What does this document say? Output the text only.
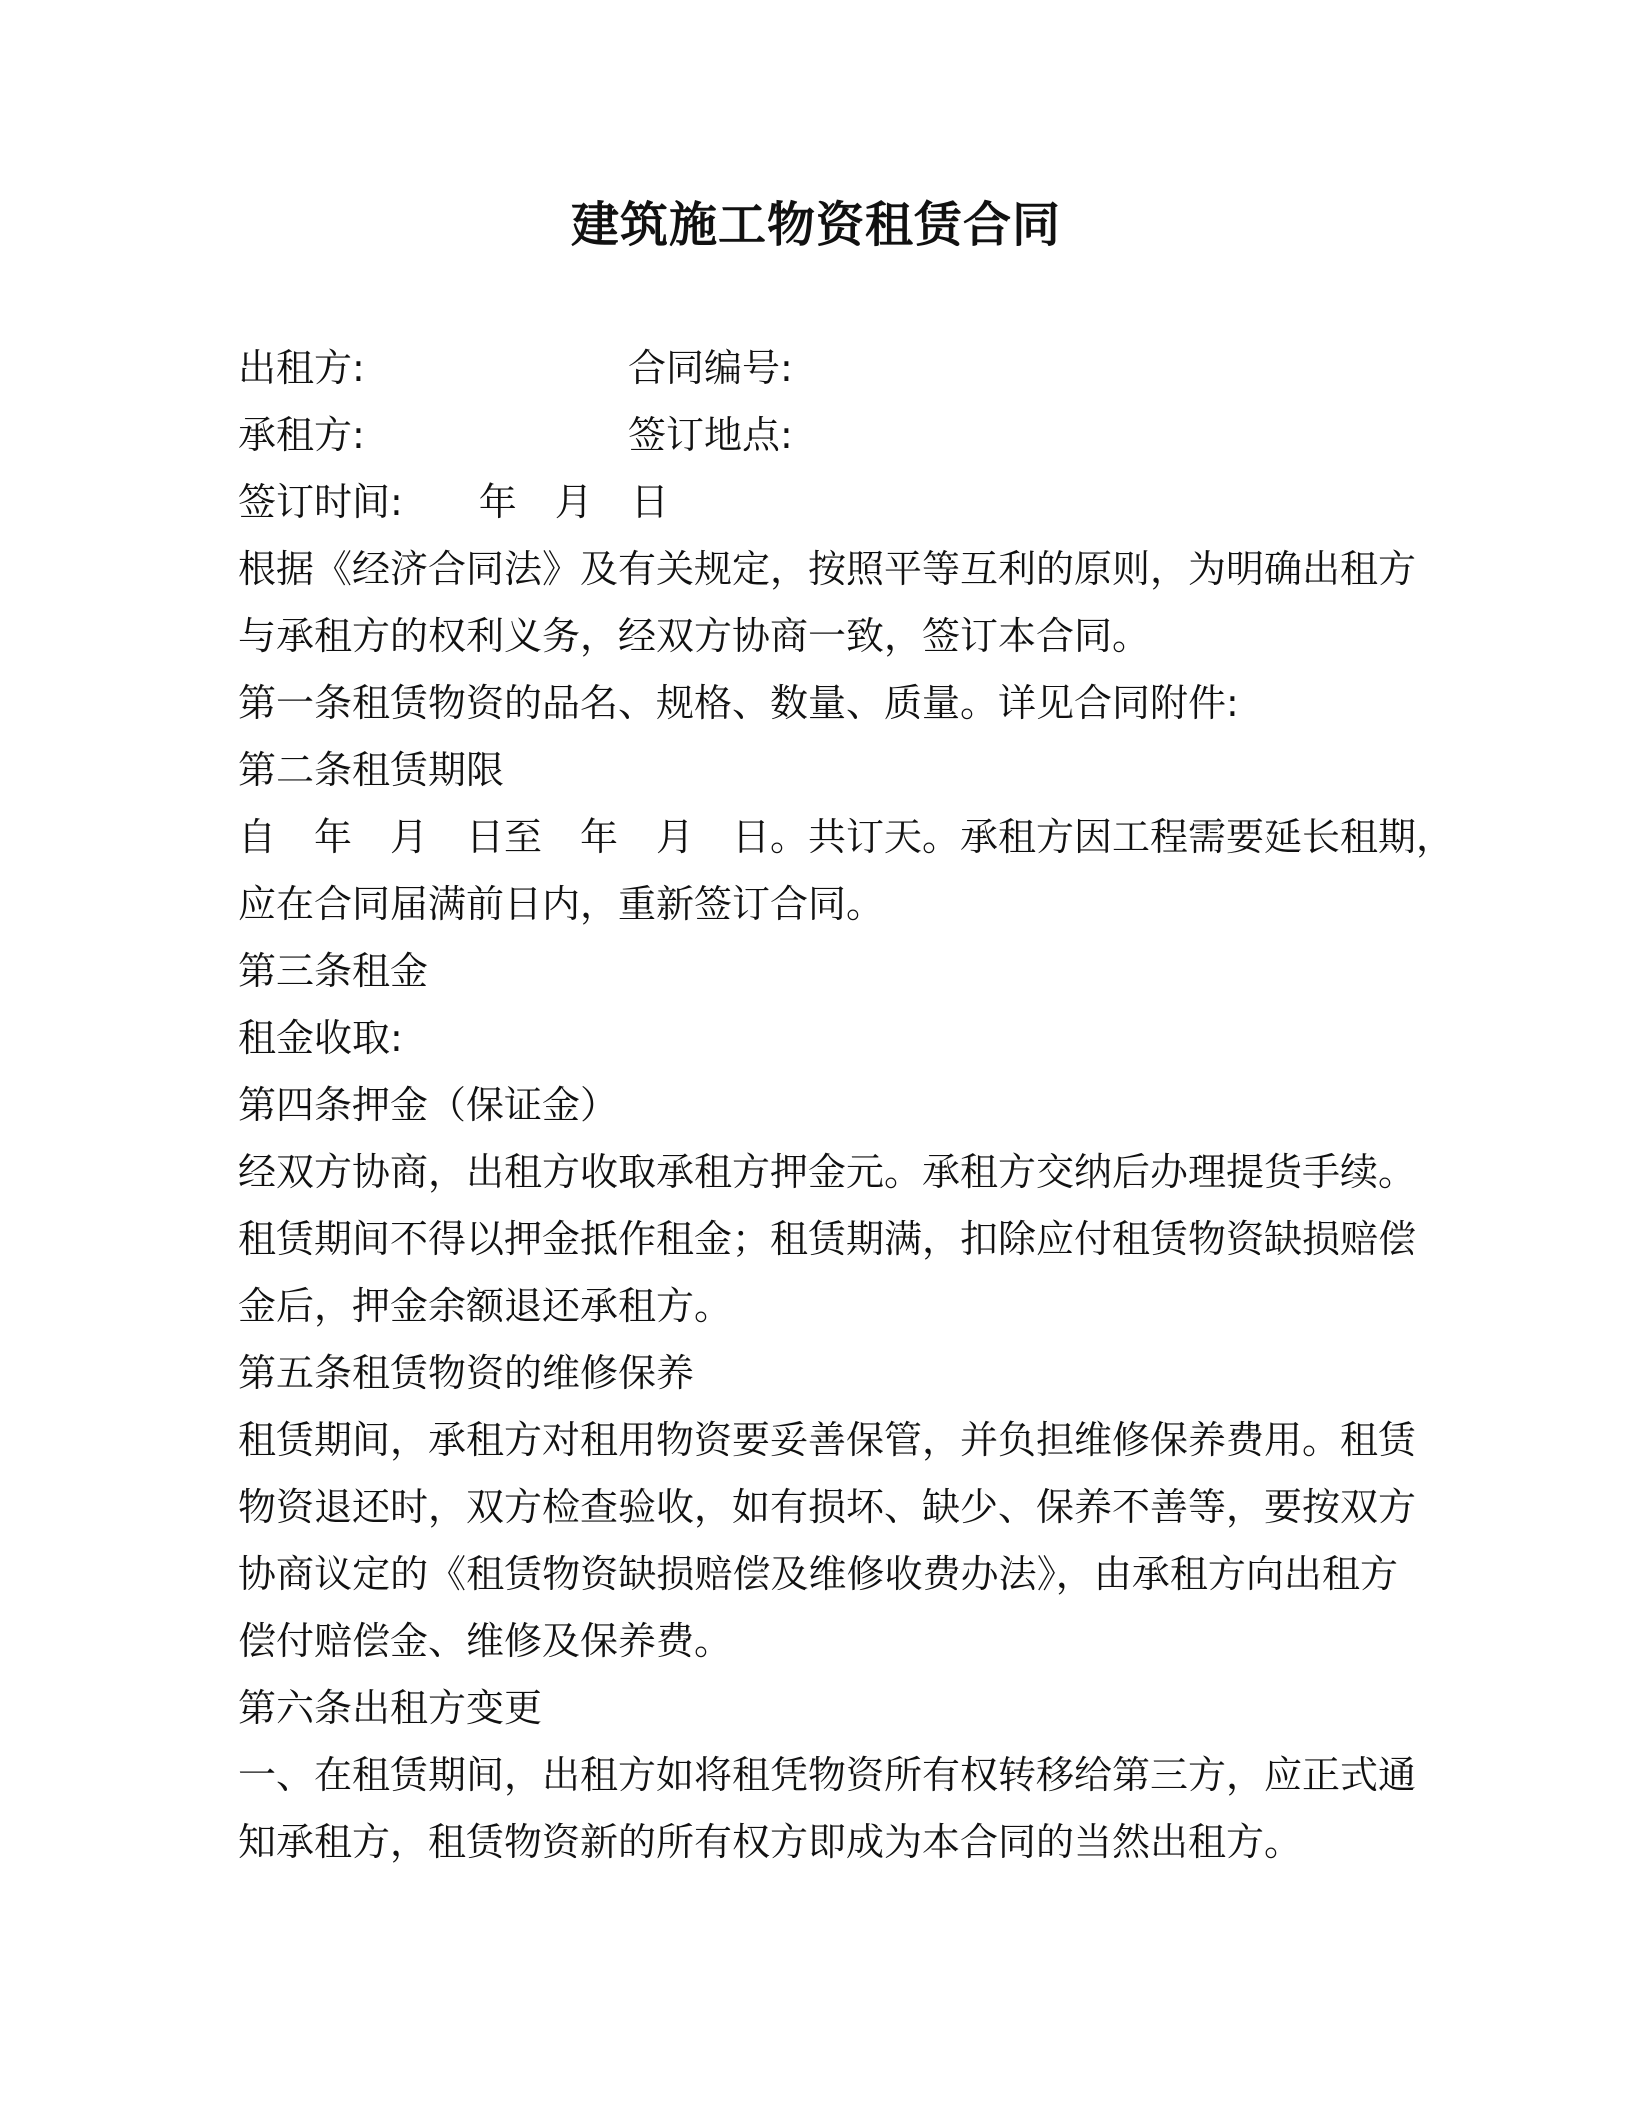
建筑施工物资租赁合同
出租方:	合同编号:
承租方:	签订地点:
签订时间:　　年　月　日
根据《经济合同法》及有关规定，按照平等互利的原则，为明确出租方
与承租方的权利义务，经双方协商一致，签订本合同。
第一条租赁物资的品名、规格、数量、质量。详见合同附件:
第二条租赁期限
自　年　月　日至　年　月　日。共订天。承租方因工程需要延长租期，
应在合同届满前日内，重新签订合同。
第三条租金
租金收取:
第四条押金（保证金）
经双方协商，出租方收取承租方押金元。承租方交纳后办理提货手续。
租赁期间不得以押金抵作租金；租赁期满，扣除应付租赁物资缺损赔偿
金后，押金余额退还承租方。
第五条租赁物资的维修保养
租赁期间，承租方对租用物资要妥善保管，并负担维修保养费用。租赁
物资退还时，双方检查验收，如有损坏、缺少、保养不善等，要按双方
协商议定的《租赁物资缺损赔偿及维修收费办法》，由承租方向出租方
偿付赔偿金、维修及保养费。
第六条出租方变更
一、在租赁期间，出租方如将租凭物资所有权转移给第三方，应正式通
知承租方，租赁物资新的所有权方即成为本合同的当然出租方。
